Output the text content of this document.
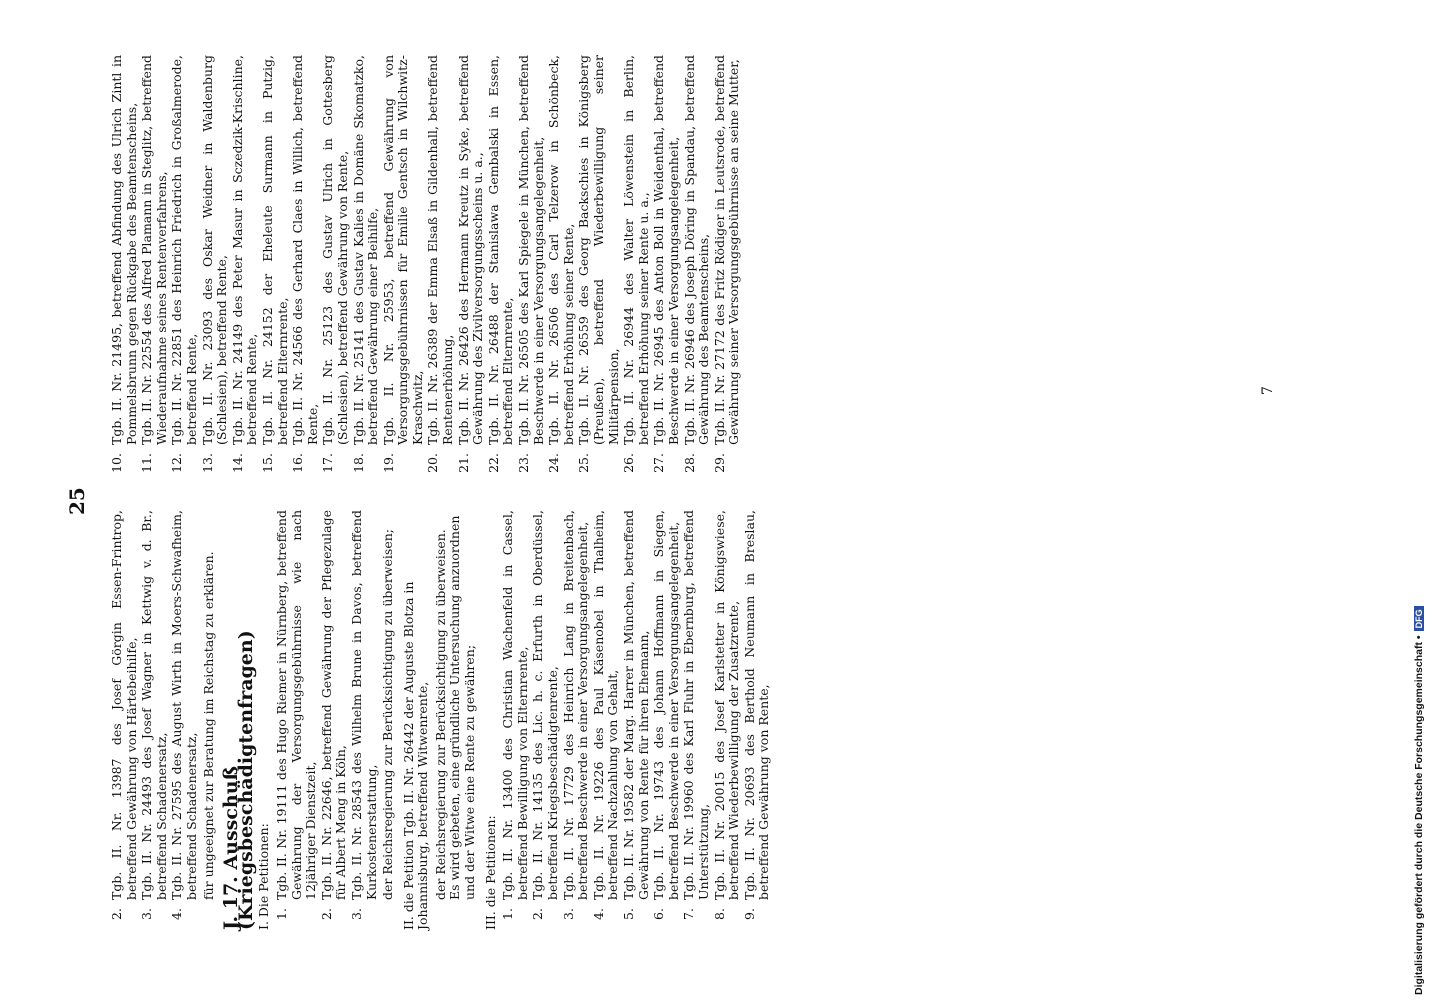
25
2.
Tgb. II. Nr. 13987 des Josef Görgin Essen-Frintrop, betreffend Gewährung von Härtebeihilfe,
3.
Tgb. II. Nr. 24493 des Josef Wagner in Kettwig v. d. Br., betreffend Schadenersatz,
4.
Tgb. II. Nr. 27595 des August Wirth in Moers-Schwafheim, betreffend Schadenersatz, für ungeeignet zur Beratung im Reichstag zu erklären. J. 17. Ausschuß (Kriegsbeschädigtenfragen) I. Die Petitionen: 1.
Tgb. II. Nr. 19111 des Hugo Riemer in Nürnberg, betreffend Gewährung der Versorgungsgebührnisse wie nach 12jähriger Dienstzeit,
2.
Tgb. II. Nr. 22646, betreffend Gewährung der Pflegezulage für Albert Meng in Köln,
3.
Tgb. II. Nr. 28543 des Wilhelm Brune in Davos, betreffend Kurkostenerstattung, der Reichsregierung zur Berücksichtigung zu überweisen; II. die Petition Tgb. II. Nr. 26442 der Auguste Blotza in Johannisburg, betreffend Witwenrente, der Reichsregierung zur Berücksichtigung zu überweisen. Es wird gebeten, eine gründliche Untersuchung anzuordnen und der Witwe eine Rente zu gewähren; III. die Petitionen: 1.
Tgb. II. Nr. 13400 des Christian Wachenfeld in Cassel, betreffend Bewilligung von Elternrente,
2.
Tgb. II. Nr. 14135 des Lic. h. c. Erfurth in Oberdüssel, betreffend Kriegsbeschädigtenrente,
3.
Tgb. II. Nr. 17729 des Heinrich Lang in Breitenbach, betreffend Beschwerde in einer Versorgungsangelegenheit,
4.
Tgb. II. Nr. 19226 des Paul Käsenobel in Thalheim, betreffend Nachzahlung von Gehalt,
5.
Tgb. II. Nr. 19582 der Marg. Harrer in München, betreffend Gewährung von Rente für ihren Ehemann,
6.
Tgb. II. Nr. 19743 des Johann Hoffmann in Siegen, betreffend Beschwerde in einer Versorgungsangelegenheit,
7.
Tgb. II. Nr. 19960 des Karl Fluhr in Ebernburg, betreffend Unterstützung,
8.
Tgb. II. Nr. 20015 des Josef Karlstetter in Königswiese, betreffend Wiederbewilligung der Zusatzrente,
9.
Tgb. II. Nr. 20693 des Berthold Neumann in Breslau, betreffend Gewährung von Rente,
10.
Tgb. II. Nr. 21495, betreffend Abfindung des Ulrich Zintl in Pommelsbrunn gegen Rückgabe des Beamtenscheins,
11.
Tgb. II. Nr. 22554 des Alfred Plamann in Steglitz, betreffend Wiederaufnahme seines Rentenverfahrens,
12.
Tgb. II. Nr. 22851 des Heinrich Friedrich in Großalmerode, betreffend Rente,
13.
Tgb. II. Nr. 23093 des Oskar Weidner in Waldenburg (Schlesien), betreffend Rente,
14.
Tgb. II. Nr. 24149 des Peter Masur in Sczedzik-Krischline, betreffend Rente,
15.
Tgb. II. Nr. 24152 der Eheleute Surmann in Putzig, betreffend Elternrente,
16.
Tgb. II. Nr. 24566 des Gerhard Claes in Willich, betreffend Rente,
17.
Tgb. II. Nr. 25123 des Gustav Ulrich in Gottesberg (Schlesien), betreffend Gewährung von Rente,
18.
Tgb. II. Nr. 25141 des Gustav Kalies in Domäne Skomatzko, betreffend Gewährung einer Beihilfe,
19.
Tgb. II. Nr. 25953, betreffend Gewährung von Versorgungsgebührnissen für Emilie Gentsch in Wilchwitz-Kraschwitz,
20.
Tgb. II. Nr. 26389 der Emma Elsaß in Gildenhall, betreffend Rentenerhöhung,
21.
Tgb. II. Nr. 26426 des Hermann Kreutz in Syke, betreffend Gewährung des Zivilversorgungsscheins u. a.,
22.
Tgb. II. Nr. 26488 der Stanislawa Gembalski in Essen, betreffend Elternrente,
23.
Tgb. II. Nr. 26505 des Karl Spiegele in München, betreffend Beschwerde in einer Versorgungsangelegenheit,
24.
Tgb. II. Nr. 26506 des Carl Telzerow in Schönbeck, betreffend Erhöhung seiner Rente,
25.
Tgb. II. Nr. 26559 des Georg Backschies in Königsberg (Preußen), betreffend Wiederbewilligung seiner Militärpension,
26.
Tgb. II. Nr. 26944 des Walter Löwenstein in Berlin, betreffend Erhöhung seiner Rente u. a.,
27.
Tgb. II. Nr. 26945 des Anton Boll in Weidenthal, betreffend Beschwerde in einer Versorgungsangelegenheit,
28.
Tgb. II. Nr. 26946 des Joseph Döring in Spandau, betreffend Gewährung des Beamtenscheins,
29.
Tgb. II. Nr. 27172 des Fritz Rödiger in Leutsrode, betreffend Gewährung seiner Versorgungsgebührnisse an seine Mutter,	7
Digitalisierung gefördert durch die Deutsche Forschungsgemeinschaft •DFG
